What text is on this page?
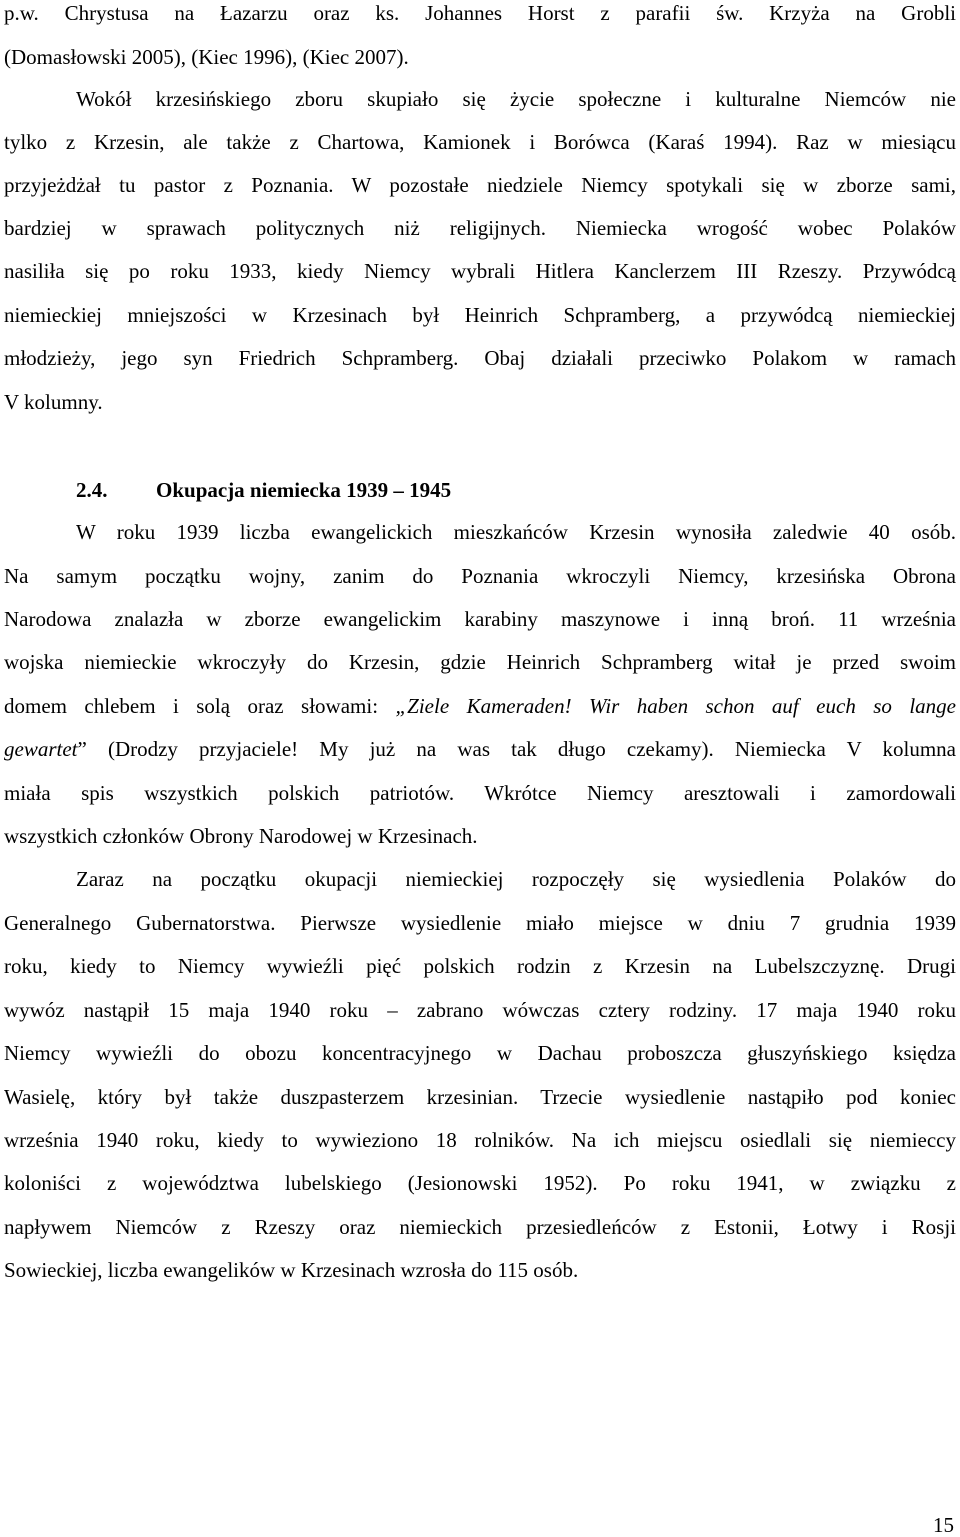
p.w. Chrystusa na Łazarzu oraz ks. Johannes Horst z parafii św. Krzyża na Grobli
(Domasłowski 2005), (Kiec 1996), (Kiec 2007).
Wokół krzesińskiego zboru skupiało się życie społeczne i kulturalne Niemców nie
tylko z Krzesin, ale także z Chartowa, Kamionek i Borówca (Karaś 1994). Raz w miesiącu
przyjeżdżał tu pastor z Poznania. W pozostałe niedziele Niemcy spotykali się w zborze sami,
bardziej w sprawach politycznych niż religijnych. Niemiecka wrogość wobec Polaków
nasiliła się po roku 1933, kiedy Niemcy wybrali Hitlera Kanclerzem III Rzeszy. Przywódcą
niemieckiej mniejszości w Krzesinach był Heinrich Schpramberg, a przywódcą niemieckiej
młodzieży, jego syn Friedrich Schpramberg. Obaj działali przeciwko Polakom w ramach
V kolumny.
2.4. Okupacja niemiecka 1939 – 1945
W roku 1939 liczba ewangelickich mieszkańców Krzesin wynosiła zaledwie 40 osób.
Na samym początku wojny, zanim do Poznania wkroczyli Niemcy, krzesińska Obrona
Narodowa znalazła w zborze ewangelickim karabiny maszynowe i inną broń. 11 września
wojska niemieckie wkroczyły do Krzesin, gdzie Heinrich Schpramberg witał je przed swoim
domem chlebem i solą oraz słowami: „Ziele Kameraden! Wir haben schon auf euch so lange
gewartet” (Drodzy przyjaciele! My już na was tak długo czekamy). Niemiecka V kolumna
miała spis wszystkich polskich patriotów. Wkrótce Niemcy aresztowali i zamordowali
wszystkich członków Obrony Narodowej w Krzesinach.
Zaraz na początku okupacji niemieckiej rozpoczęły się wysiedlenia Polaków do
Generalnego Gubernatorstwa. Pierwsze wysiedlenie miało miejsce w dniu 7 grudnia 1939
roku, kiedy to Niemcy wywieźli pięć polskich rodzin z Krzesin na Lubelszczyznę. Drugi
wywóz nastąpił 15 maja 1940 roku – zabrano wówczas cztery rodziny. 17 maja 1940 roku
Niemcy wywieźli do obozu koncentracyjnego w Dachau proboszcza głuszyńskiego księdza
Wasielę, który był także duszpasterzem krzesinian. Trzecie wysiedlenie nastąpiło pod koniec
września 1940 roku, kiedy to wywieziono 18 rolników. Na ich miejscu osiedlali się niemieccy
koloniści z województwa lubelskiego (Jesionowski 1952). Po roku 1941, w związku z
napływem Niemców z Rzeszy oraz niemieckich przesiedleńców z Estonii, Łotwy i Rosji
Sowieckiej, liczba ewangelików w Krzesinach wzrosła do 115 osób.
15
